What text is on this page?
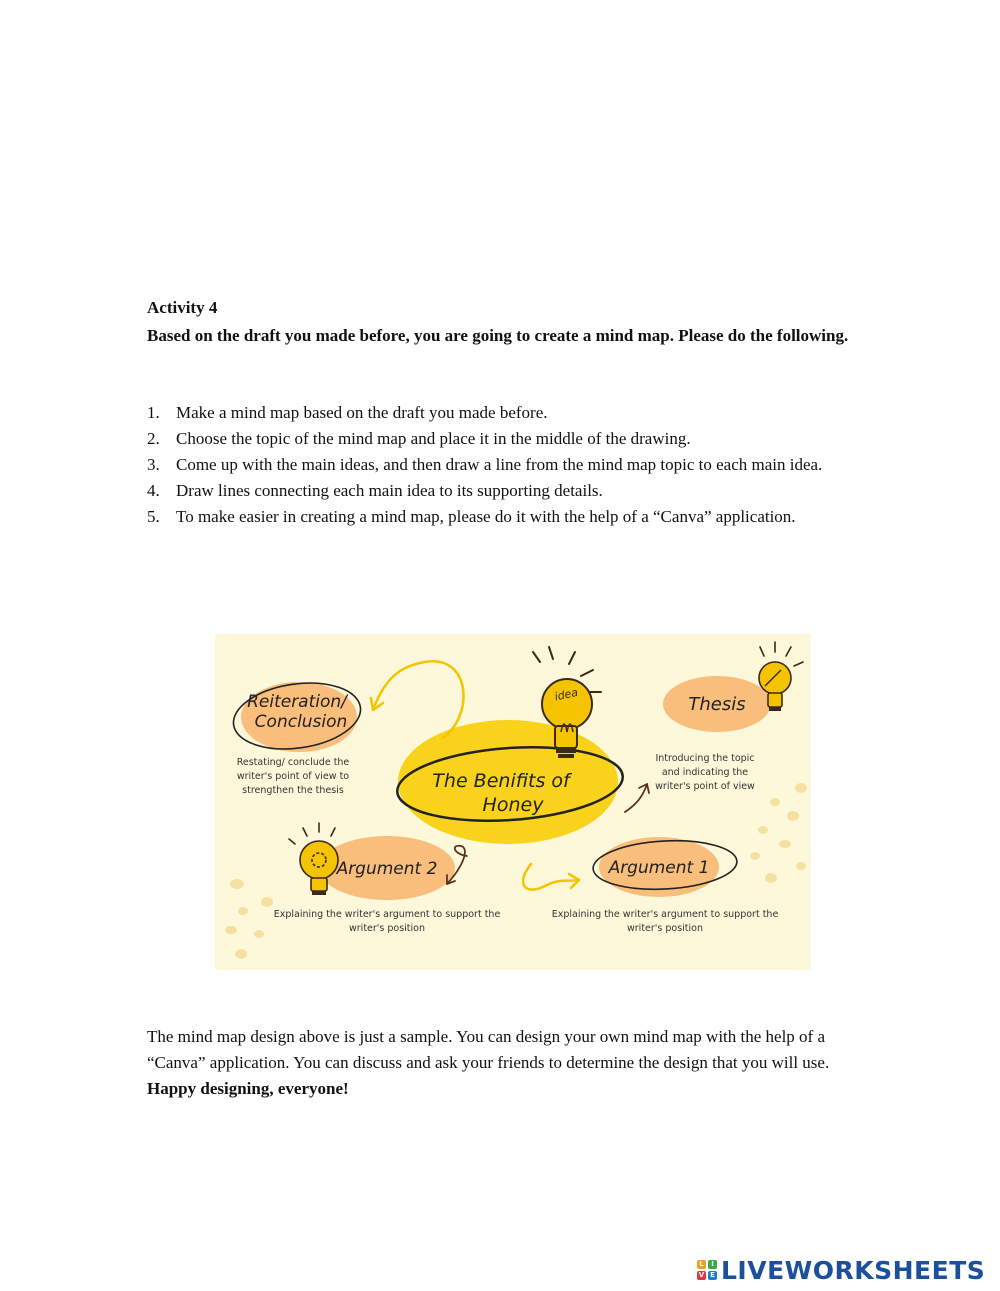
Activity 4

Based on the draft you made before, you are going to create a mind map. Please do the following.

1. Make a mind map based on the draft you made before.
2. Choose the topic of the mind map and place it in the middle of the drawing.
3. Come up with the main ideas, and then draw a line from the mind map topic to each main idea.
4. Draw lines connecting each main idea to its supporting details.
5. To make easier in creating a mind map, please do it with the help of a “Canva” application.
The Benifits of
Honey
idea
Reiteration/
Conclusion
Restating/ conclude the
writer's point of view to
strengthen the thesis
Thesis
Introducing the topic
and indicating the
writer's point of view
Argument 2
Explaining the writer's argument to support the
writer's position
Argument 1
Explaining the writer's argument to support the
writer's position

The mind map design above is just a sample. You can design your own mind map with the help of a “Canva” application. You can discuss and ask your friends to determine the design that you will use. Happy designing, everyone!

L	I
V E LIVEWORKSHEETS
